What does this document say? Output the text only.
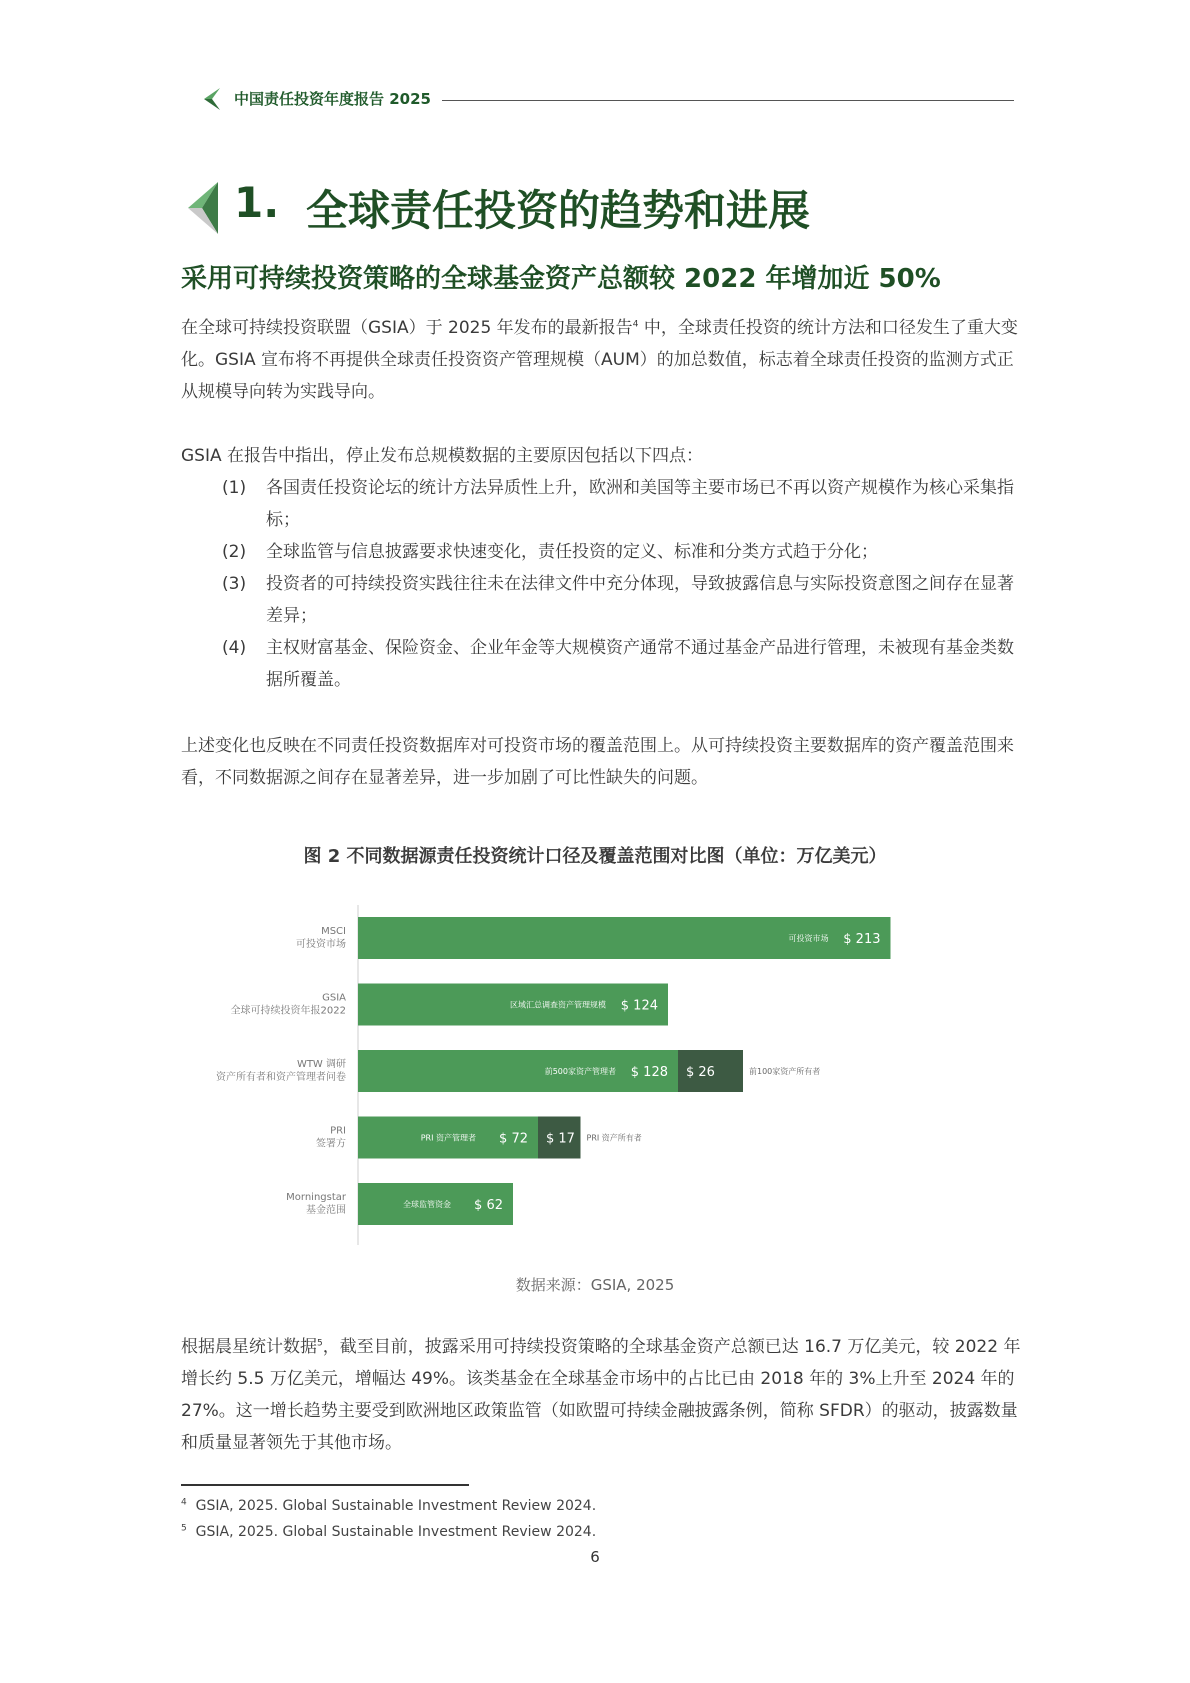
中国责任投资年度报告 2025
1. 全球责任投资的趋势和进展
采用可持续投资策略的全球基金资产总额较 2022 年增加近 50%
在全球可持续投资联盟（GSIA）于 2025 年发布的最新报告$^4$ 中，全球责任投资的统计方法和口径发生了重大变化。GSIA 宣布将不再提供全球责任投资资产管理规模（AUM）的加总数值，标志着全球责任投资的监测方式正从规模导向转为实践导向。
GSIA 在报告中指出，停止发布总规模数据的主要原因包括以下四点：
(1) 各国责任投资论坛的统计方法异质性上升，欧洲和美国等主要市场已不再以资产规模作为核心采集指标；
(2) 全球监管与信息披露要求快速变化，责任投资的定义、标准和分类方式趋于分化；
(3) 投资者的可持续投资实践往往未在法律文件中充分体现，导致披露信息与实际投资意图之间存在显著差异；
(4) 主权财富基金、保险资金、企业年金等大规模资产通常不通过基金产品进行管理，未被现有基金类数据所覆盖。
上述变化也反映在不同责任投资数据库对可投资市场的覆盖范围上。从可持续投资主要数据库的资产覆盖范围来看，不同数据源之间存在显著差异，进一步加剧了可比性缺失的问题。
图 2 不同数据源责任投资统计口径及覆盖范围对比图（单位：万亿美元）
MSCI
可投资市场	$ 213
可投资市场
GSIA
全球可持续投资年报2022	$ 124
区域汇总调查资产管理规模
WTW 调研
资产所有者和资产管理者问卷	$ 128
前500家资产管理者	$ 26	前100家资产所有者
PRI
签署方	$ 72
PRI 资产管理者	$ 17 PRI 资产所有者
Morningstar
基金范围	$ 62
全球监管资金
数据来源：GSIA, 2025
根据晨星统计数据$^5$，截至目前，披露采用可持续投资策略的全球基金资产总额已达 16.7 万亿美元，较 2022 年增长约 5.5 万亿美元，增幅达 49%。该类基金在全球基金市场中的占比已由 2018 年的 3%上升至 2024 年的 27%。这一增长趋势主要受到欧洲地区政策监管（如欧盟可持续金融披露条例，简称 SFDR）的驱动，披露数量和质量显著领先于其他市场。
$^4$ GSIA, 2025. Global Sustainable Investment Review 2024.
$^5$ GSIA, 2025. Global Sustainable Investment Review 2024.
6
